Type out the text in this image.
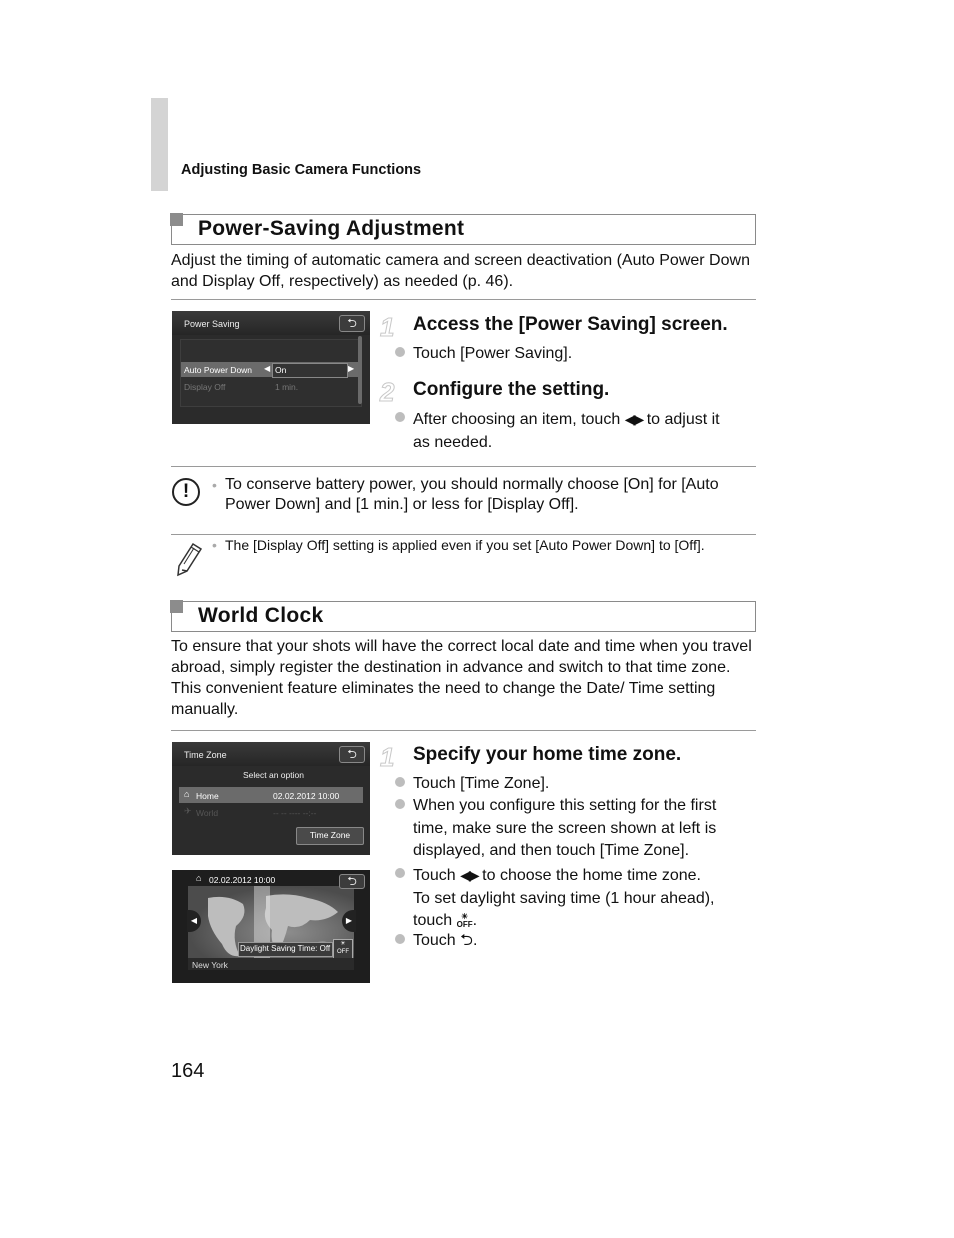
Adjusting Basic Camera Functions
Power-Saving Adjustment
Adjust the timing of automatic camera and screen deactivation (Auto Power Down and Display Off, respectively) as needed (p. 46).
Power Saving	⮌
Auto Power Down ◀ On	▶
Display Off	1 min.
1 Access the [Power Saving] screen.
Touch [Power Saving].
2 Configure the setting.
After choosing an item, touch ◀▶ to adjust it
as needed.
!	• To conserve battery power, you should normally choose [On] for [Auto Power Down] and [1 min.] or less for [Display Off].
• The [Display Off] setting is applied even if you set [Auto Power Down] to [Off].
World Clock
To ensure that your shots will have the correct local date and time when you travel abroad, simply register the destination in advance and switch to that time zone. This convenient feature eliminates the need to change the Date/ Time setting manually.
Time Zone	⮌
Select an option
⌂ Home	02.02.2012 10:00
✈ World	-- -- ---- --:--
Time Zone
⌂ 02.02.2012 10:00	⮌
◀	▶
Daylight Saving Time: Off	☀
OFF
New York
1 Specify your home time zone.
Touch [Time Zone].
When you configure this setting for the first time, make sure the screen shown at left is displayed, and then touch [Time Zone].
Touch ◀▶ to choose the home time zone.
To set daylight saving time (1 hour ahead),
touch ☀
OFF.
Touch ⮌.
164
